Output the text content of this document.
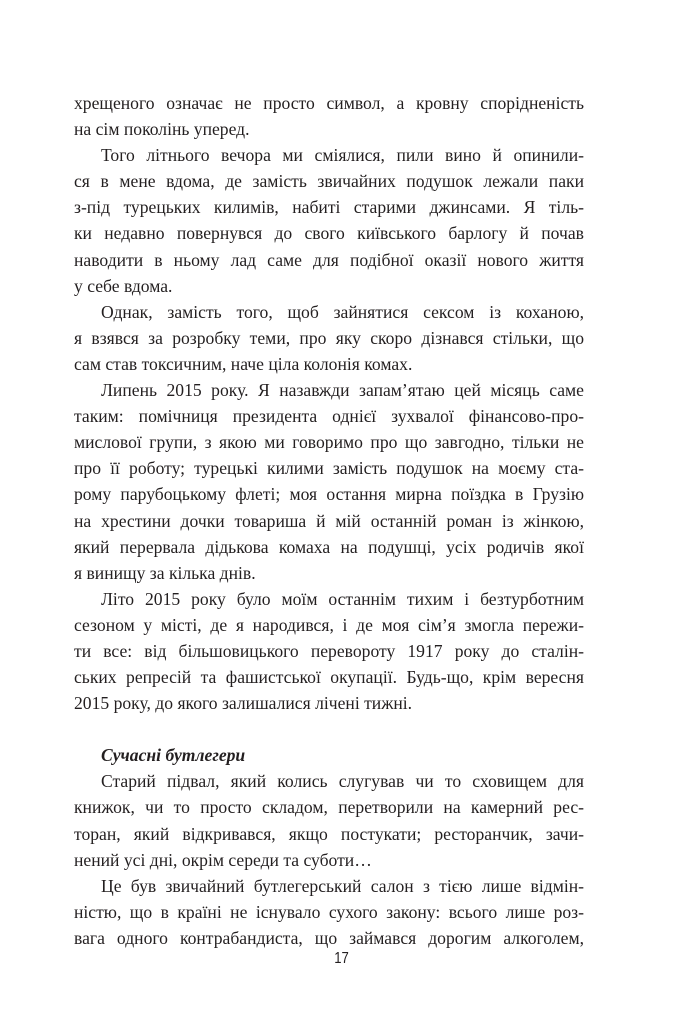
хрещеного означає не просто символ, а кровну спорідненість
на сім поколінь уперед.
Того літнього вечора ми сміялися, пили вино й опинили-
ся в мене вдома, де замість звичайних подушок лежали паки
з-під турецьких килимів, набиті старими джинсами. Я тіль-
ки недавно повернувся до свого київського барлогу й почав
наводити в ньому лад саме для подібної оказії нового життя
у себе вдома.
Однак, замість того, щоб зайнятися сексом із коханою,
я взявся за розробку теми, про яку скоро дізнався стільки, що
сам став токсичним, наче ціла колонія комах.
Липень 2015 року. Я назавжди запам’ятаю цей місяць саме
таким: помічниця президента однієї зухвалої фінансово-про-
мислової групи, з якою ми говоримо про що завгодно, тільки не
про її роботу; турецькі килими замість подушок на моєму ста-
рому парубоцькому флеті; моя остання мирна поїздка в Грузію
на хрестини дочки товариша й мій останній роман із жінкою,
який перервала дідькова комаха на подушці, усіх родичів якої
я винищу за кілька днів.
Літо 2015 року було моїм останнім тихим і безтурботним
сезоном у місті, де я народився, і де моя сім’я змогла пережи-
ти все: від більшовицького перевороту 1917 року до сталін-
ських репресій та фашистської окупації. Будь-що, крім вересня
2015 року, до якого залишалися лічені тижні.
Сучасні бутлегери
Старий підвал, який колись слугував чи то сховищем для
книжок, чи то просто складом, перетворили на камерний рес-
торан, який відкривався, якщо постукати; ресторанчик, зачи-
нений усі дні, окрім середи та суботи…
Це був звичайний бутлегерський салон з тією лише відмін-
ністю, що в країні не існувало сухого закону: всього лише роз-
вага одного контрабандиста, що займався дорогим алкоголем,
17
